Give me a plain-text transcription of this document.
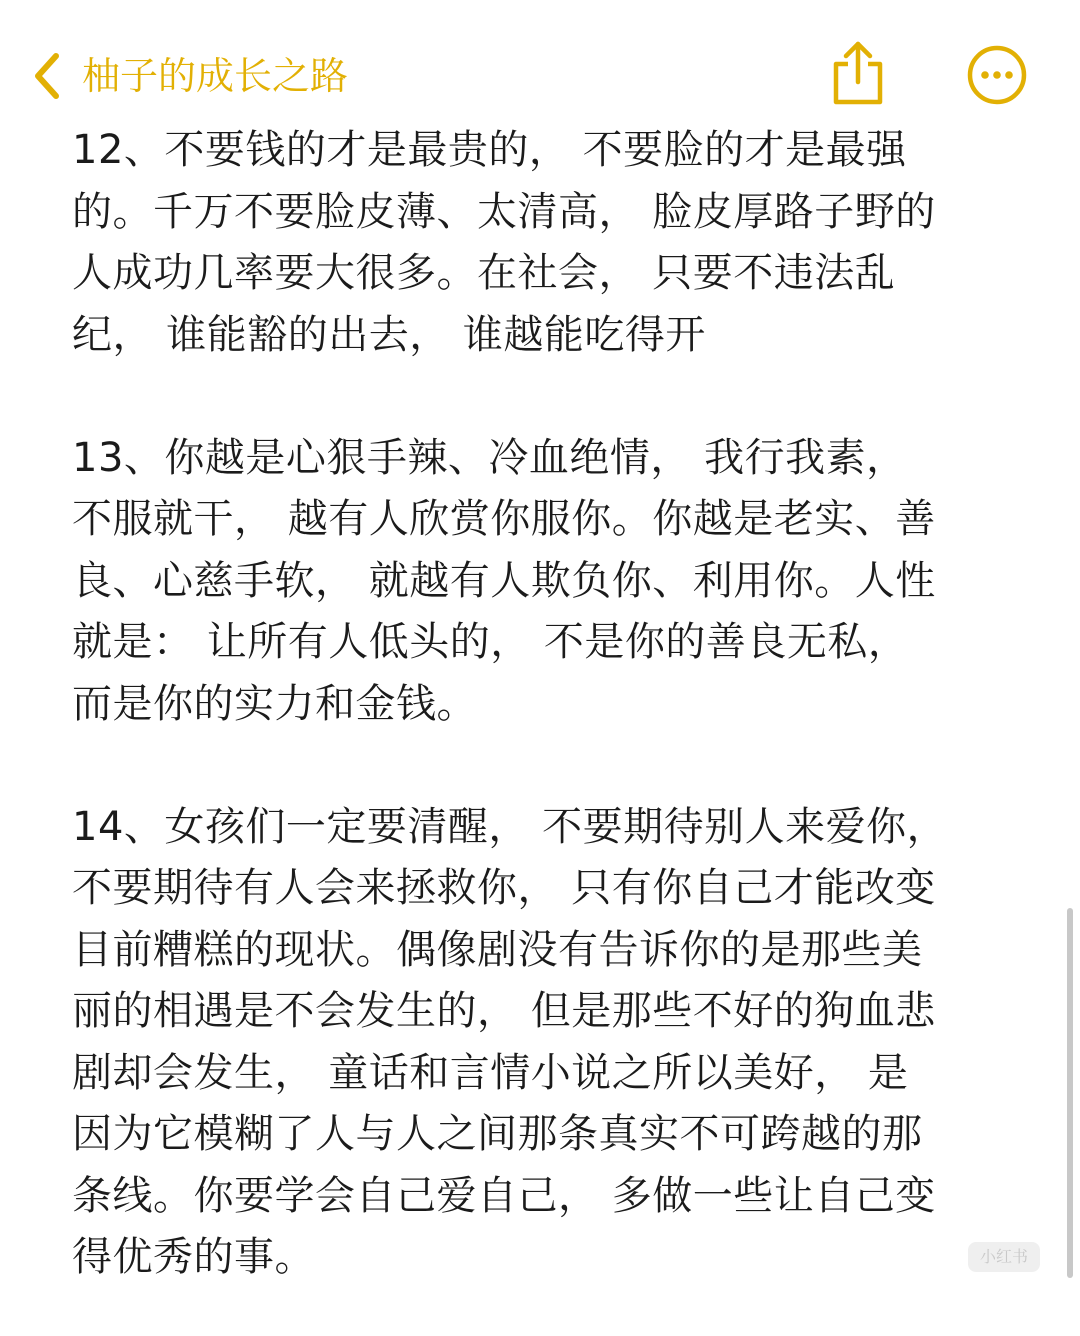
柚子的成长之路

12、不要钱的才是最贵的， 不要脸的才是最强
的。千万不要脸皮薄、太清高， 脸皮厚路子野的
人成功几率要大很多。在社会， 只要不违法乱
纪， 谁能豁的出去， 谁越能吃得开

13、你越是心狠手辣、冷血绝情， 我行我素，
不服就干， 越有人欣赏你服你。你越是老实、善
良、心慈手软， 就越有人欺负你、利用你。人性
就是： 让所有人低头的， 不是你的善良无私，
而是你的实力和金钱。

14、女孩们一定要清醒， 不要期待别人来爱你，
不要期待有人会来拯救你， 只有你自己才能改变
目前糟糕的现状。偶像剧没有告诉你的是那些美
丽的相遇是不会发生的， 但是那些不好的狗血悲
剧却会发生， 童话和言情小说之所以美好， 是
因为它模糊了人与人之间那条真实不可跨越的那
条线。你要学会自己爱自己， 多做一些让自己变
得优秀的事。	小红书
